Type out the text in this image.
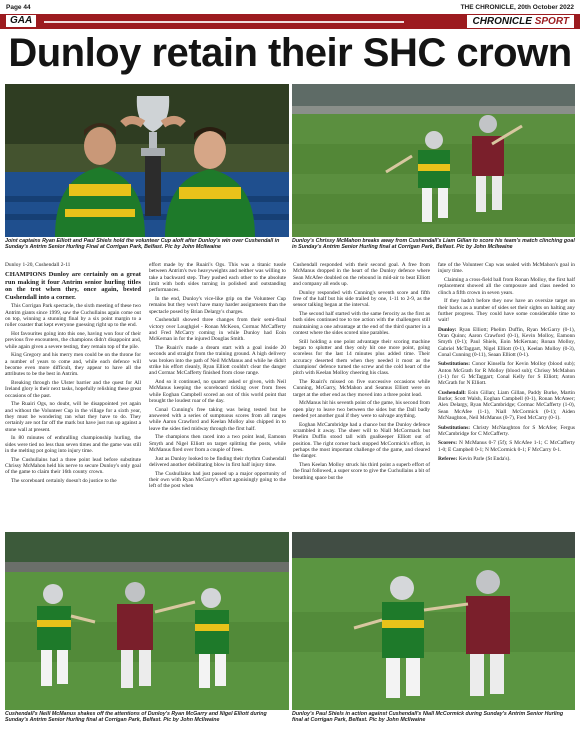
Page 44	THE CHRONICLE, 20th October 2022
GAA	CHRONICLE SPORT
Dunloy retain their SHC crown
Joint captains Ryan Elliott and Paul Shiels hold the volunteer Cup aloft after Dunloy's win over Cushendall in Sunday's Antrim Senior Hurling Final at Corrigan Park, Belfast. Pic by John McIlwaine
Dunloy's Chrissy McMahon breaks away from Cushendall's Liam Gillan to score his team's match clinching goal in Sunday's Antrim Senior Hurling final at Corrigan Park, Belfast. Pic by John McIlwaine

Dunloy 1-20, Cushendall 2-11

CHAMPIONS Dunloy are certainly on a great run making it four Antrim senior hurling titles on the trot when they, once again, bested Cushendall into a corner.

This Corrigan Park spectacle, the sixth meeting of these two Antrim giants since 1999, saw the Cuchullains again come out on top, winning a stunning final by a six point margin to a roller coaster that kept everyone guessing right up to the end.

Hot favourites going into this one, having won four of their previous five encounters, the champions didn't disappoint and, while again given a severe testing, they remain top of the pile.

King Gregory and his merry men could be on the throne for a number of years to come and, while each defence will become even more difficult, they appear to have all the attributes to be the best in Antrim.

Breaking through the Ulster barrier and the quest for All Ireland glory is their next tasks, hopefully relishing these great occasions of the past.

The Ruairi Ogs, no doubt, will be disappointed yet again and without the Volunteer Cup in the village for a sixth year, they must be wondering ran what they have to do. They certainly are not far off the mark but have just run up against a stone wall at present.

In 80 minutes of enthralling championship hurling, the sides were tied no less than seven times and the game was still in the melting pot going into injury time.

The Cushullains had a three point lead before substitute Chrissy McMahon held his nerve to secure Dunloy's only goal of the game to claim their 16th county crown.

The scoreboard certainly doesn't do justice to the

effort made by the Ruairi's Ogs. This was a titanic tussle between Antrim's two heavyweights and neither was willing to take a backward step. They pushed each other to the absolute limit with both sides turning in polished and outstanding performances.

In the end, Dunloy's vice-like grip on the Volunteer Cup remains but they won't have many harder assignments than the spectacle posed by Brian Delargy's charges.

Cushendall showed three changes from their semi-final victory over Loughgiel - Ronan McKeon, Cormac McCafferty and Fred McCarry coming in while Dunloy had Eoin McKernan in for the injured Douglas Smith.

The Ruairi's made a dream start with a goal inside 20 seconds and straight from the training ground. A high delivery was broken into the path of Neil McManus and while he didn't strike his effort cleanly, Ryan Elliott couldn't clear the danger and Cormac McCafferty finished from close range.

And so it continued, no quarter asked or given, with Neil McManus keeping the scoreboard ticking over from frees while Eoghan Campbell scored an out of this world point that brought the loudest roar of the day.

Conal Cunning's free taking was being tested but he answered with a series of sumptuous scores from all ranges while Aaron Crawford and Keelan Molloy also chipped in to leave the sides tied midway through the first half.

The champions then raced into a two point lead, Eamonn Smyth and Nigel Elliott on target splitting the posts, while McManus fired over from a couple of frees.

Just as Dunloy looked to be finding their rhythm Cushendall delivered another debilitating blow in first half injury time.

The Cushullains had just passed up a major opportunity of their own with Ryan McGarry's effort agonisingly going to the left of the post when

Cushendall responded with their second goal. A free from McManus dropped in the heart of the Dunloy defence where Sean McAfee doubled on the rebound in mid-air to beat Elliott and company all ends up.

Dunloy responded with Cunning's seventh score and fifth free of the half but his side trailed by one, 1-11 to 2-9, as the sensor talking began at the interval.

The second half started with the same ferocity as the first as both sides continued toe to toe action with the challengers still maintaining a one advantage at the end of the third quarter in a contest where the sides scored nine parables.

Still holding a one point advantage their scoring machine began to splutter and they only hit one more point, going scoreless for the last 14 minutes plus added time. Their accuracy deserted them when they needed it most as the champions' defence turned the screw and the cold heart of the pitch with Keelan Molloy cheering his class.

The Ruairi's missed on five successive occasions while Cunning, McGarry, McMahon and Seamus Elliott were on target at the other end as they moved into a three point lead.

McManus hit his seventh point of the game, his second from open play to leave two between the sides but the Dall badly needed yet another goal if they were to salvage anything.

Eoghan McCambridge had a chance but the Dunloy defence scrambled it away. The sheer will to Niall McCormack but Phelim Duffin stood tall with goalkeeper Elliott out of position. The right corner back stopped McCormick's effort, in perhaps the most important challenge of the game, and cleared the danger.

Then Keelan Molloy struck his third point a superb effort of the final followed, a super score to give the Cuchullains a bit of breathing space but the

fate of the Volunteer Cup was sealed with McMahon's goal in injury time.

Claiming a cross-field ball from Ronan Molloy, the first half replacement showed all the composure and class needed to clinch a fifth crown in seven years.

If they hadn't before they now have an oversize target on their backs as a number of sides set their sights on halting any further progress. They could have some considerable time to wait!

Dunloy: Ryan Elliott; Phelim Duffin, Ryan McGarry (0-1), Oran Quinn; Aaron Crawford (0-1), Kevin Molloy, Eamonn Smyth (0-1); Paul Shiels, Eoin McKernan; Ronan Molloy, Gabriel McTaggart, Nigel Elliott (0-1), Keelan Molloy (0-3), Conal Cunning (0-11), Seaan Elliott (0-1).

Substitutions: Conor Kinsella for Kevin Molloy (blood sub); Anton McGrath for R Molloy (blood sub); Chrissy McMahon (1-1) for G McTaggart; Conal Kelly for S Elliott; Anton McGrath for N Elliott.

Cushendall: Eoin Gillan; Liam Gillan, Paddy Burke, Martin Burke; Scott Walsh, Eoghan Campbell (0-1), Ronan McAteer; Alex Delargy, Ryan McCambridge; Cormac McCafferty (1-0), Sean McAfee (1-1), Niall McCormick (0-1); Aiden McNaughton, Neil McManus (0-7), Fred McCarry (0-1).

Substitutions: Christy McNaughton for S McAfee; Fergus McCambridge for C McCafferty.

Scorers: N McManus 0-7 (5f); S McAfee 1-1; C McCafferty 1-0; E Campbell 0-1; N McCormick 0-1; F McCarry 0-1.

Referee: Kevin Parle (St Enda's).

Cushendall's Neill McManus shakes off the attentions of Dunloy's Ryan McGarry and Nigel Elliott during Sunday's Antrim Senior Hurling final at Corrigan Park, Belfast. Pic by John McIlwaine
Dunloy's Paul Shiels in action against Cushendall's Niall McCormick during Sunday's Antrim Senior Hurling final at Corrigan Park, Belfast. Pic by John McIlwaine
